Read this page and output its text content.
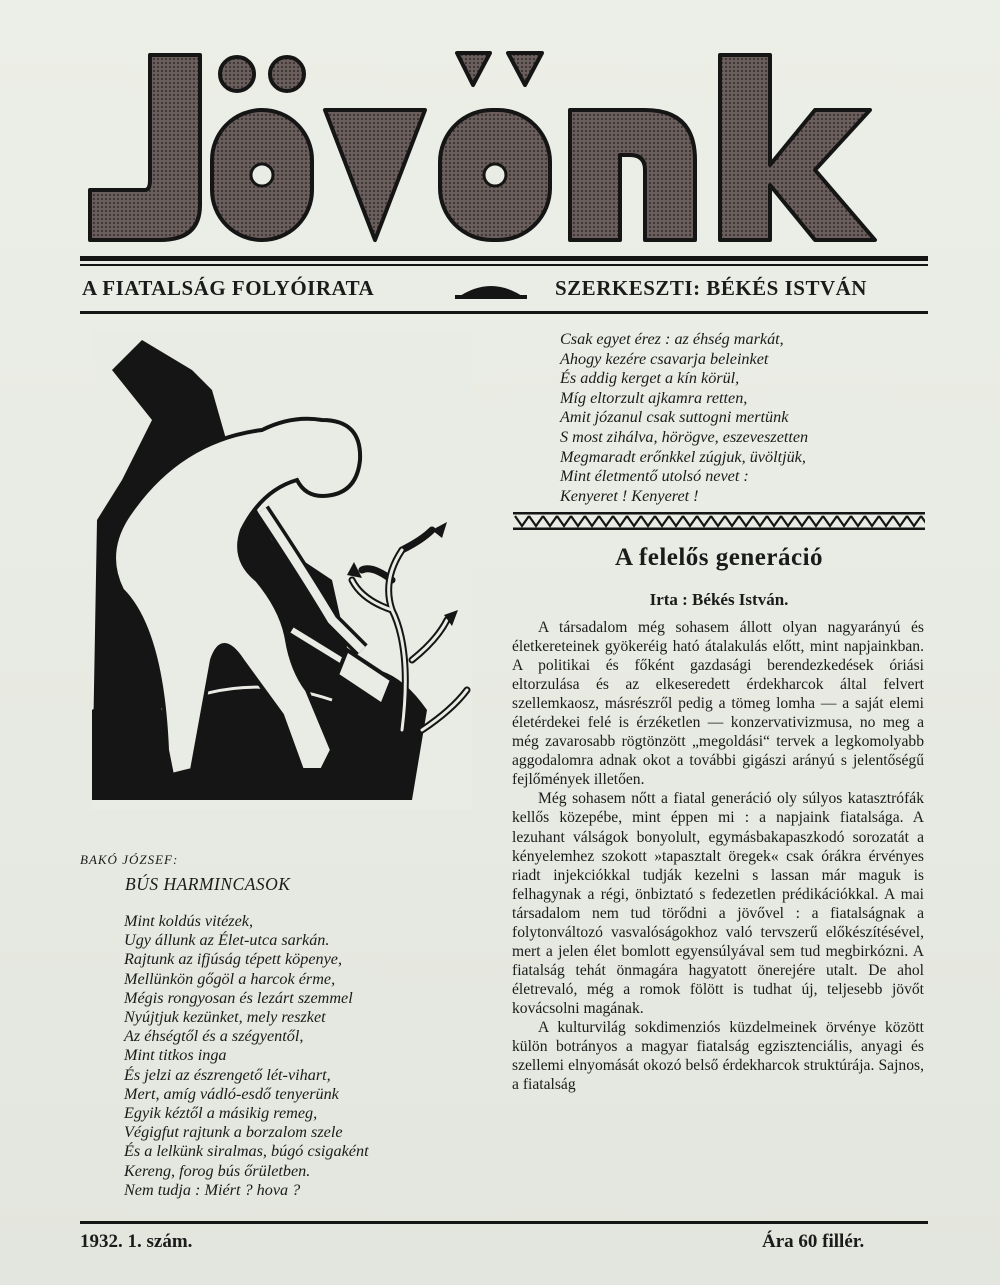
A FIATALSÁG FOLYÓIRATA	SZERKESZTI: BÉKÉS ISTVÁN
Csak egyet érez : az éhség markát,
Ahogy kezére csavarja beleinket
És addig kerget a kín körül,
Míg eltorzult ajkamra retten,
Amit józanul csak suttogni mertünk
S most zihálva, hörögve, eszeveszetten
Megmaradt erőnkkel zúgjuk, üvöltjük,
Mint életmentő utolsó nevet :
Kenyeret ! Kenyeret !
A felelős generáció
Irta : Békés István.

A társadalom még sohasem állott olyan nagyarányú és életkereteinek gyökeréig ható átalakulás előtt, mint napjainkban. A politikai és főként gazdasági berendezkedések óriási eltorzulása és az elkeseredett érdekharcok által felvert szellemkaosz, másrészről pedig a tömeg lomha — a saját elemi életérdekei felé is érzéketlen — konzervativizmusa, no meg a még zavarosabb rögtönzött „megoldási“ tervek a legkomolyabb aggodalomra adnak okot a további gigászi arányú s jelentőségű fejlőmények illetően.

Még sohasem nőtt a fiatal generáció oly súlyos katasztrófák kellős közepébe, mint éppen mi : a napjaink fiatalsága. A lezuhant válságok bonyolult, egymásbakapaszkodó sorozatát a kényelemhez szokott »tapasztalt öregek« csak órákra érvényes riadt injekciókkal tudják kezelni s lassan már maguk is felhagynak a régi, önbiztató s fedezetlen prédikációkkal. A mai társadalom nem tud törődni a jövővel : a fiatalságnak a folytonváltozó vasvalóságokhoz való tervszerű előkészítésével, mert a jelen élet bomlott egyensúlyával sem tud megbirkózni. A fiatalság tehát önmagára hagyatott önerejére utalt. De ahol életrevaló, még a romok fölött is tudhat új, teljesebb jövőt kovácsolni magának.

A kulturvilág sokdimenziós küzdelmeinek örvénye között külön botrányos a magyar fiatalság egzisztenciális, anyagi és szellemi elnyomását okozó belső érdekharcok struktúrája. Sajnos, a fiatalság

BAKÓ JÓZSEF:
BÚS HARMINCASOK
Mint koldús vitézek,
Ugy állunk az Élet-utca sarkán.
Rajtunk az ifjúság tépett köpenye,
Mellünkön gőgöl a harcok érme,
Mégis rongyosan és lezárt szemmel
Nyújtjuk kezünket, mely reszket
Az éhségtől és a szégyentől,
Mint titkos inga
És jelzi az észrengető lét-vihart,
Mert, amíg vádló-esdő tenyerünk
Egyik kéztől a másikig remeg,
Végigfut rajtunk a borzalom szele
És a lelkünk siralmas, búgó csigaként
Kereng, forog bús őrületben.
Nem tudja : Miért ? hova ?
1932. 1. szám.	Ára 60 fillér.
